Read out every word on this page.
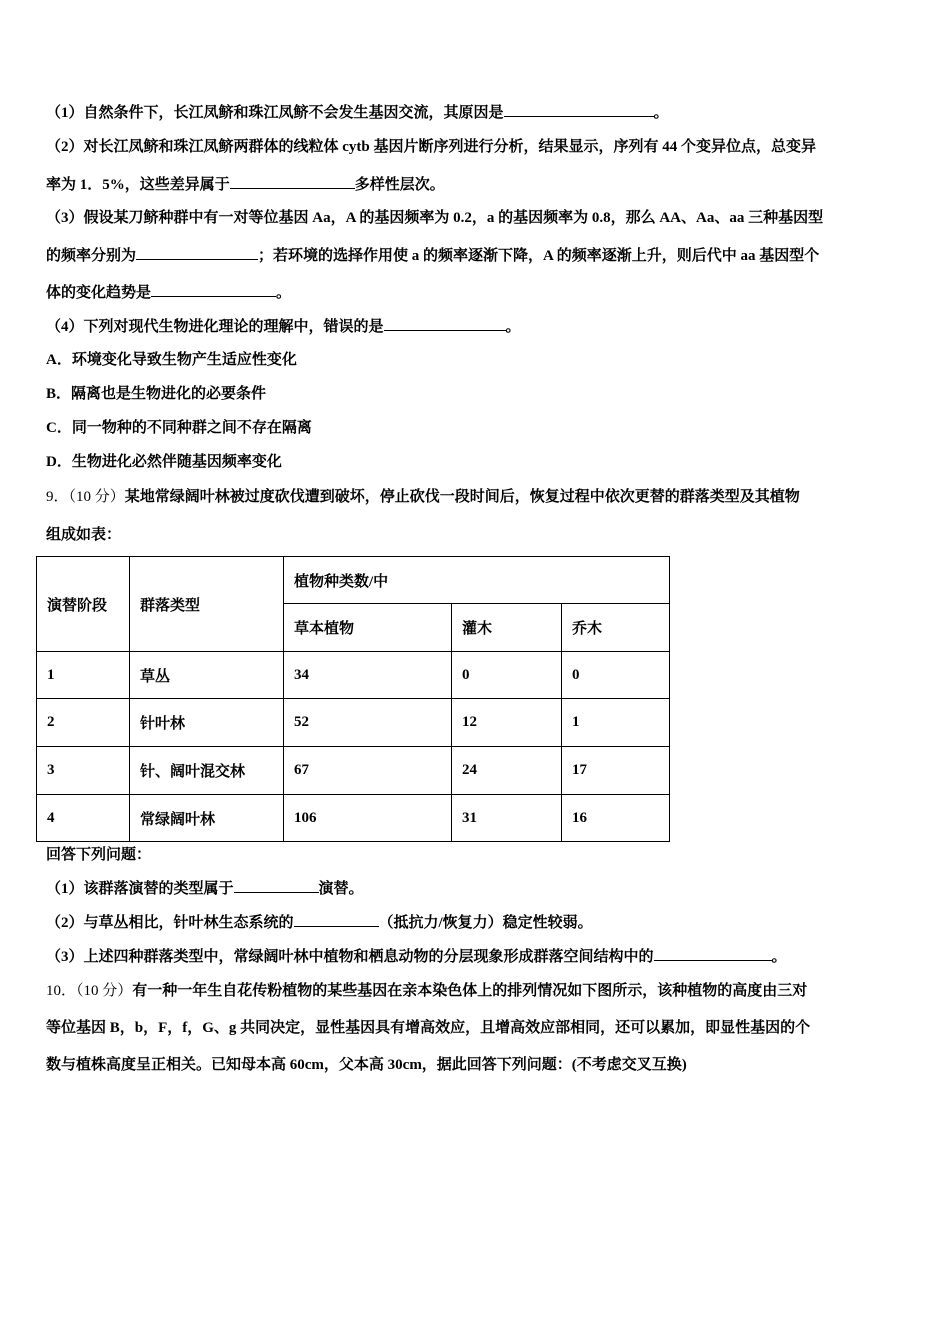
（1）自然条件下，长江凤鲚和珠江凤鲚不会发生基因交流，其原因是	。
（2）对长江凤鲚和珠江凤鲚两群体的线粒体 cytb 基因片断序列进行分析，结果显示，序列有 44 个变异位点，总变异
率为 1．5%，这些差异属于	多样性层次。
（3）假设某刀鲚种群中有一对等位基因 Aa，A 的基因频率为 0.2，a 的基因频率为 0.8，那么 AA、Aa、aa 三种基因型
的频率分别为	；若环境的选择作用使 a 的频率逐渐下降，A 的频率逐渐上升，则后代中 aa 基因型个
体的变化趋势是	。
（4）下列对现代生物进化理论的理解中，错误的是	。
A．环境变化导致生物产生适应性变化
B．隔离也是生物进化的必要条件
C．同一物种的不同种群之间不存在隔离
D．生物进化必然伴随基因频率变化
9．（10 分）某地常绿阔叶林被过度砍伐遭到破坏，停止砍伐一段时间后，恢复过程中依次更替的群落类型及其植物
组成如表：
演替阶段	群落类型	植物种类数/中		
		草本植物	灌木	乔木
1	草丛	34	0	0
2	针叶林	52	12	1
3	针、阔叶混交林	67	24	17
4	常绿阔叶林	106	31	16
回答下列问题：
（1）该群落演替的类型属于	演替。
（2）与草丛相比，针叶林生态系统的	（抵抗力/恢复力）稳定性较弱。
（3）上述四种群落类型中，常绿阔叶林中植物和栖息动物的分层现象形成群落空间结构中的	。
10．（10 分）有一种一年生自花传粉植物的某些基因在亲本染色体上的排列情况如下图所示，该种植物的高度由三对
等位基因 B，b，F，f，G、g 共同决定，显性基因具有增高效应，且增高效应部相同，还可以累加，即显性基因的个
数与植株高度呈正相关。已知母本高 60cm，父本高 30cm，据此回答下列问题：(不考虑交叉互换)
